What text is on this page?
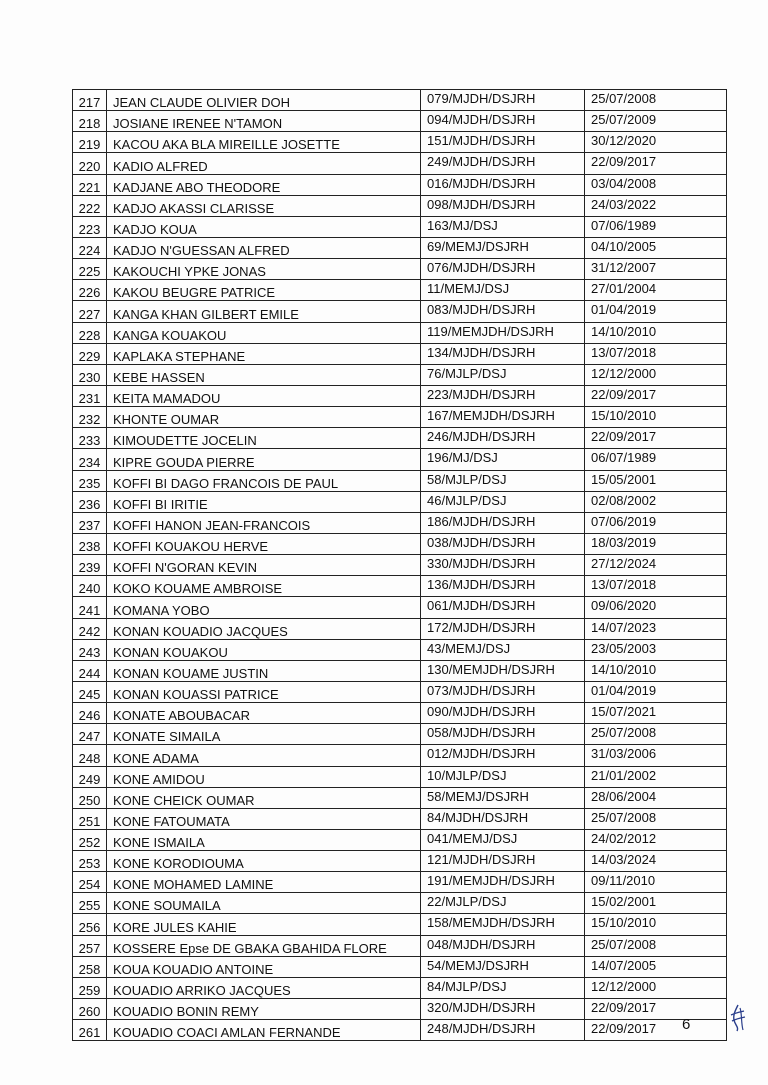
217	JEAN CLAUDE OLIVIER DOH	079/MJDH/DSJRH	25/07/2008
218	JOSIANE IRENEE N'TAMON	094/MJDH/DSJRH	25/07/2009
219	KACOU AKA BLA MIREILLE JOSETTE	151/MJDH/DSJRH	30/12/2020
220	KADIO ALFRED	249/MJDH/DSJRH	22/09/2017
221	KADJANE ABO THEODORE	016/MJDH/DSJRH	03/04/2008
222	KADJO AKASSI CLARISSE	098/MJDH/DSJRH	24/03/2022
223	KADJO KOUA	163/MJ/DSJ	07/06/1989
224	KADJO N'GUESSAN ALFRED	69/MEMJ/DSJRH	04/10/2005
225	KAKOUCHI YPKE JONAS	076/MJDH/DSJRH	31/12/2007
226	KAKOU BEUGRE PATRICE	11/MEMJ/DSJ	27/01/2004
227	KANGA KHAN GILBERT EMILE	083/MJDH/DSJRH	01/04/2019
228	KANGA KOUAKOU	119/MEMJDH/DSJRH	14/10/2010
229	KAPLAKA STEPHANE	134/MJDH/DSJRH	13/07/2018
230	KEBE HASSEN	76/MJLP/DSJ	12/12/2000
231	KEITA MAMADOU	223/MJDH/DSJRH	22/09/2017
232	KHONTE OUMAR	167/MEMJDH/DSJRH	15/10/2010
233	KIMOUDETTE JOCELIN	246/MJDH/DSJRH	22/09/2017
234	KIPRE GOUDA PIERRE	196/MJ/DSJ	06/07/1989
235	KOFFI BI DAGO FRANCOIS DE PAUL	58/MJLP/DSJ	15/05/2001
236	KOFFI BI IRITIE	46/MJLP/DSJ	02/08/2002
237	KOFFI HANON JEAN-FRANCOIS	186/MJDH/DSJRH	07/06/2019
238	KOFFI KOUAKOU HERVE	038/MJDH/DSJRH	18/03/2019
239	KOFFI N'GORAN KEVIN	330/MJDH/DSJRH	27/12/2024
240	KOKO KOUAME AMBROISE	136/MJDH/DSJRH	13/07/2018
241	KOMANA YOBO	061/MJDH/DSJRH	09/06/2020
242	KONAN KOUADIO JACQUES	172/MJDH/DSJRH	14/07/2023
243	KONAN KOUAKOU	43/MEMJ/DSJ	23/05/2003
244	KONAN KOUAME JUSTIN	130/MEMJDH/DSJRH	14/10/2010
245	KONAN KOUASSI PATRICE	073/MJDH/DSJRH	01/04/2019
246	KONATE ABOUBACAR	090/MJDH/DSJRH	15/07/2021
247	KONATE SIMAILA	058/MJDH/DSJRH	25/07/2008
248	KONE ADAMA	012/MJDH/DSJRH	31/03/2006
249	KONE AMIDOU	10/MJLP/DSJ	21/01/2002
250	KONE CHEICK OUMAR	58/MEMJ/DSJRH	28/06/2004
251	KONE FATOUMATA	84/MJDH/DSJRH	25/07/2008
252	KONE ISMAILA	041/MEMJ/DSJ	24/02/2012
253	KONE KORODIOUMA	121/MJDH/DSJRH	14/03/2024
254	KONE MOHAMED LAMINE	191/MEMJDH/DSJRH	09/11/2010
255	KONE SOUMAILA	22/MJLP/DSJ	15/02/2001
256	KORE JULES KAHIE	158/MEMJDH/DSJRH	15/10/2010
257	KOSSERE Epse DE GBAKA GBAHIDA FLORE	048/MJDH/DSJRH	25/07/2008
258	KOUA KOUADIO ANTOINE	54/MEMJ/DSJRH	14/07/2005
259	KOUADIO ARRIKO JACQUES	84/MJLP/DSJ	12/12/2000
260	KOUADIO BONIN REMY	320/MJDH/DSJRH	22/09/2017
261	KOUADIO COACI AMLAN FERNANDE	248/MJDH/DSJRH	22/09/2017 6
